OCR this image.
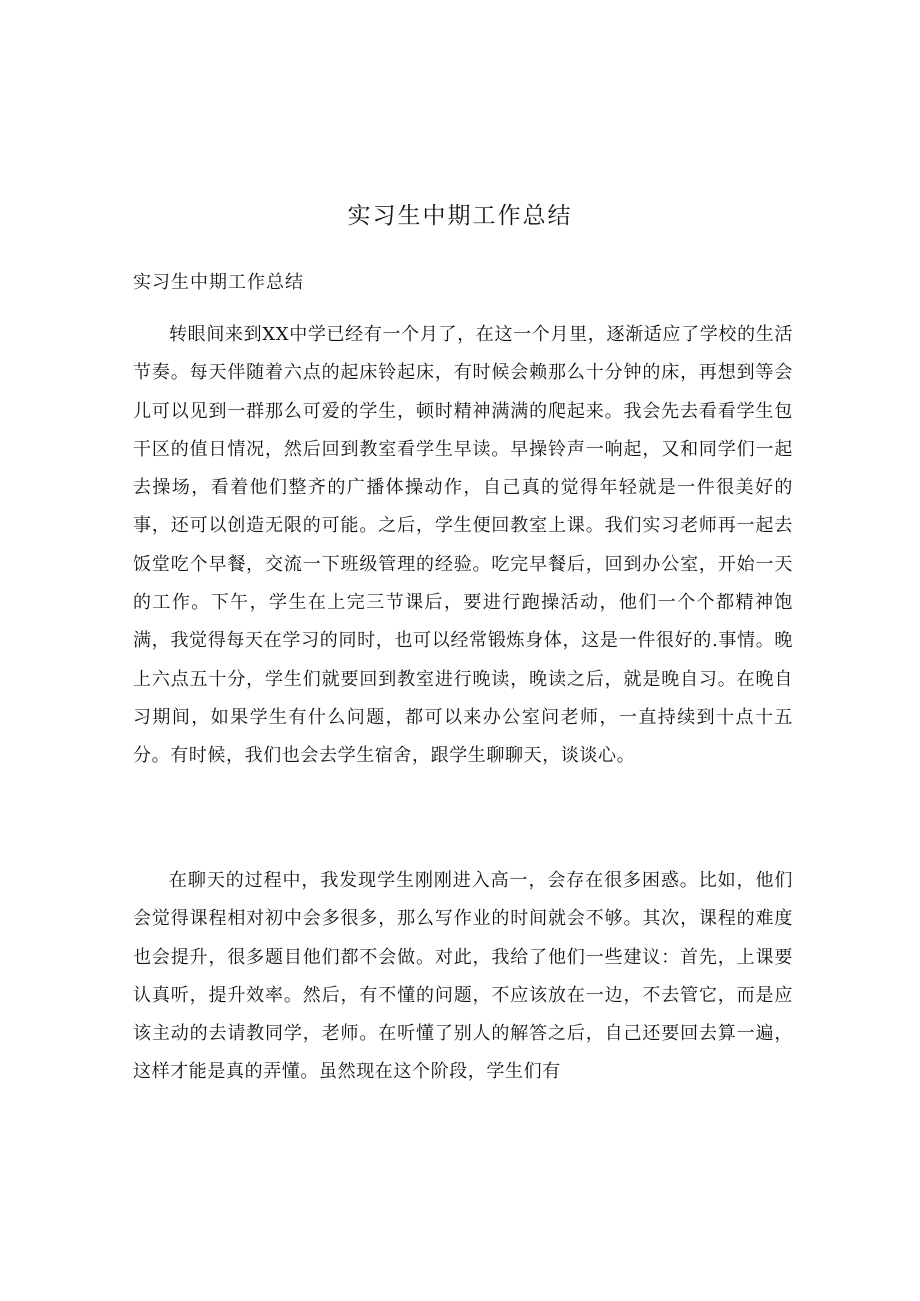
实习生中期工作总结

实习生中期工作总结

转眼间来到XX中学已经有一个月了，在这一个月里，逐渐适应了学校的生活节奏。每天伴随着六点的起床铃起床，有时候会赖那么十分钟的床，再想到等会儿可以见到一群那么可爱的学生，顿时精神满满的爬起来。我会先去看看学生包干区的值日情况，然后回到教室看学生早读。早操铃声一响起，又和同学们一起去操场，看着他们整齐的广播体操动作，自己真的觉得年轻就是一件很美好的事，还可以创造无限的可能。之后，学生便回教室上课。我们实习老师再一起去饭堂吃个早餐，交流一下班级管理的经验。吃完早餐后，回到办公室，开始一天的工作。下午，学生在上完三节课后，要进行跑操活动，他们一个个都精神饱满，我觉得每天在学习的同时，也可以经常锻炼身体，这是一件很好的.事情。晚上六点五十分，学生们就要回到教室进行晚读，晚读之后，就是晚自习。在晚自习期间，如果学生有什么问题，都可以来办公室问老师，一直持续到十点十五分。有时候，我们也会去学生宿舍，跟学生聊聊天，谈谈心。

在聊天的过程中，我发现学生刚刚进入高一，会存在很多困惑。比如，他们会觉得课程相对初中会多很多，那么写作业的时间就会不够。其次，课程的难度也会提升，很多题目他们都不会做。对此，我给了他们一些建议：首先，上课要认真听，提升效率。然后，有不懂的问题，不应该放在一边，不去管它，而是应该主动的去请教同学，老师。在听懂了别人的解答之后，自己还要回去算一遍，这样才能是真的弄懂。虽然现在这个阶段，学生们有
